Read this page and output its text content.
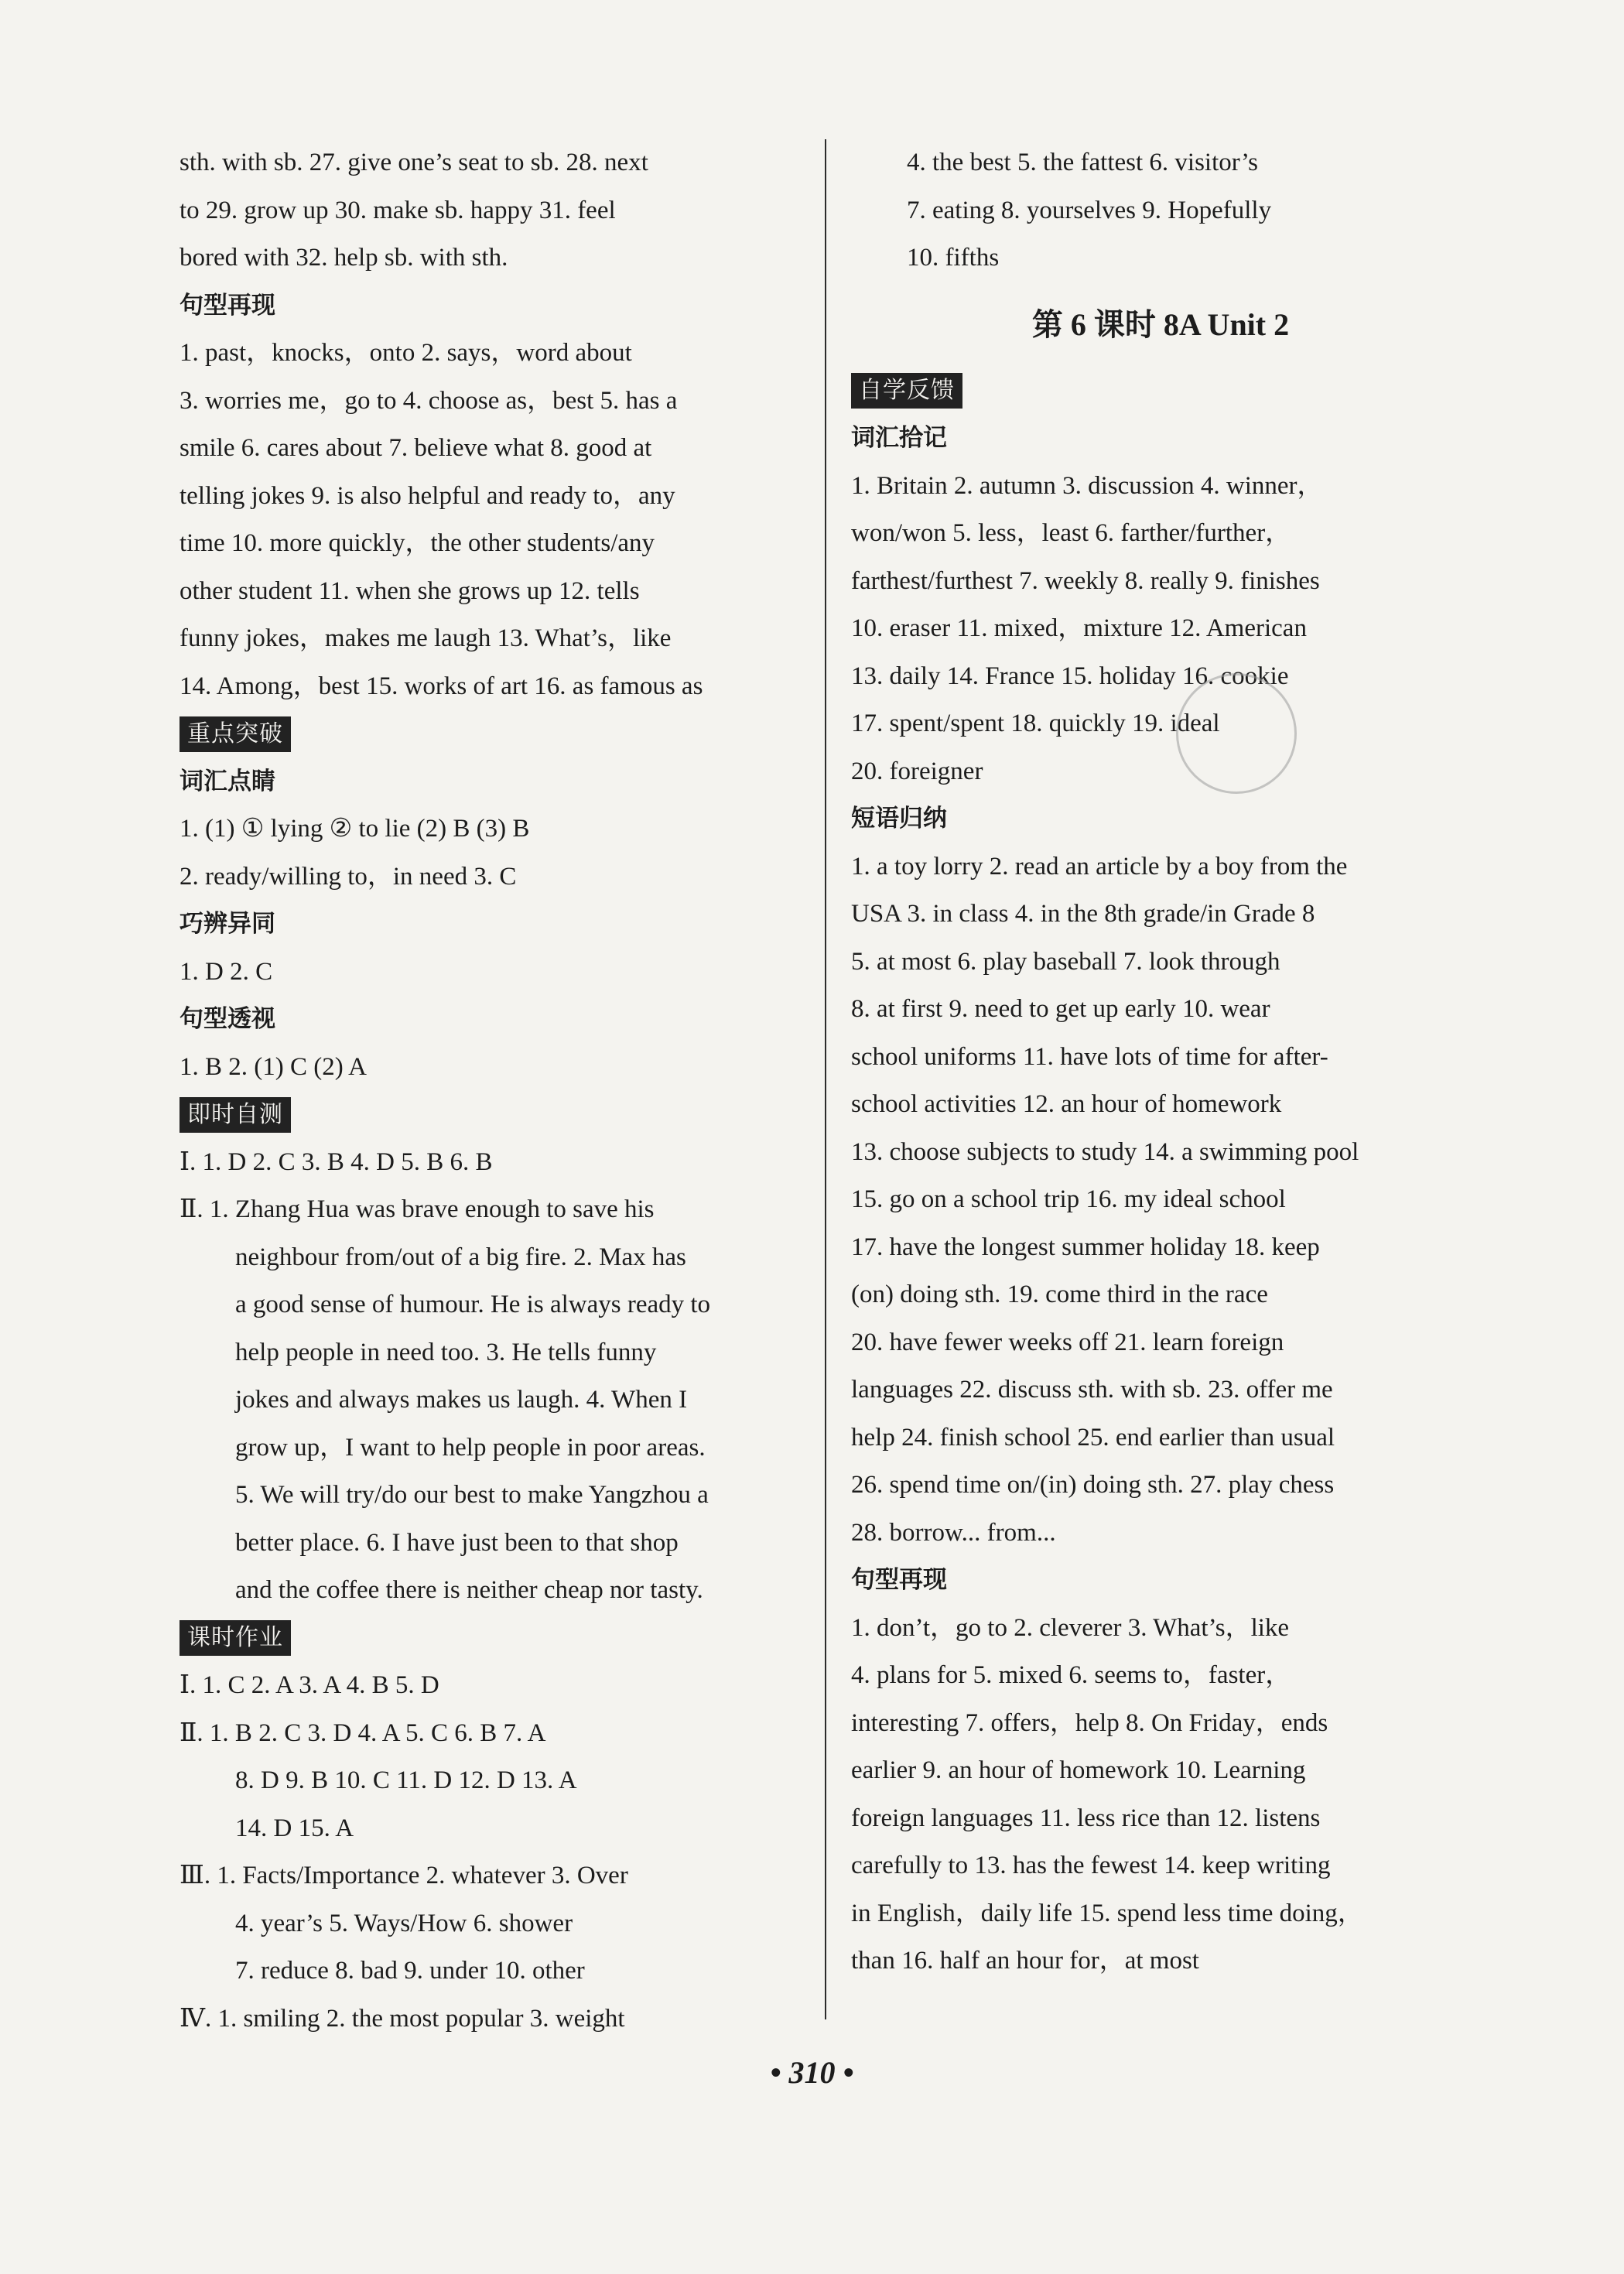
sth. with sb. 27. give one’s seat to sb. 28. next
to 29. grow up 30. make sb. happy 31. feel
bored with 32. help sb. with sth.
句型再现
1. past，knocks，onto 2. says，word about
3. worries me，go to 4. choose as，best 5. has a
smile 6. cares about 7. believe what 8. good at
telling jokes 9. is also helpful and ready to，any
time 10. more quickly，the other students/any
other student 11. when she grows up 12. tells
funny jokes，makes me laugh 13. What’s，like
14. Among，best 15. works of art 16. as famous as
重点突破
词汇点睛
1. (1) ① lying ② to lie (2) B (3) B
2. ready/willing to，in need 3. C
巧辨异同
1. D 2. C
句型透视
1. B 2. (1) C (2) A
即时自测
Ⅰ. 1. D 2. C 3. B 4. D 5. B 6. B
Ⅱ. 1. Zhang Hua was brave enough to save his
neighbour from/out of a big fire. 2. Max has
a good sense of humour. He is always ready to
help people in need too. 3. He tells funny
jokes and always makes us laugh. 4. When I
grow up，I want to help people in poor areas.
5. We will try/do our best to make Yangzhou a
better place. 6. I have just been to that shop
and the coffee there is neither cheap nor tasty.
课时作业
Ⅰ. 1. C 2. A 3. A 4. B 5. D
Ⅱ. 1. B 2. C 3. D 4. A 5. C 6. B 7. A
8. D 9. B 10. C 11. D 12. D 13. A
14. D 15. A
Ⅲ. 1. Facts/Importance 2. whatever 3. Over
4. year’s 5. Ways/How 6. shower
7. reduce 8. bad 9. under 10. other
Ⅳ. 1. smiling 2. the most popular 3. weight
4. the best 5. the fattest 6. visitor’s
7. eating 8. yourselves 9. Hopefully
10. fifths
第 6 课时 8A Unit 2
自学反馈
词汇拾记
1. Britain 2. autumn 3. discussion 4. winner，
won/won 5. less，least 6. farther/further，
farthest/furthest 7. weekly 8. really 9. finishes
10. eraser 11. mixed，mixture 12. American
13. daily 14. France 15. holiday 16. cookie
17. spent/spent 18. quickly 19. ideal
20. foreigner
短语归纳
1. a toy lorry 2. read an article by a boy from the
USA 3. in class 4. in the 8th grade/in Grade 8
5. at most 6. play baseball 7. look through
8. at first 9. need to get up early 10. wear
school uniforms 11. have lots of time for after-
school activities 12. an hour of homework
13. choose subjects to study 14. a swimming pool
15. go on a school trip 16. my ideal school
17. have the longest summer holiday 18. keep
(on) doing sth. 19. come third in the race
20. have fewer weeks off 21. learn foreign
languages 22. discuss sth. with sb. 23. offer me
help 24. finish school 25. end earlier than usual
26. spend time on/(in) doing sth. 27. play chess
28. borrow... from...
句型再现
1. don’t，go to 2. cleverer 3. What’s，like
4. plans for 5. mixed 6. seems to，faster，
interesting 7. offers，help 8. On Friday，ends
earlier 9. an hour of homework 10. Learning
foreign languages 11. less rice than 12. listens
carefully to 13. has the fewest 14. keep writing
in English，daily life 15. spend less time doing，
than 16. half an hour for，at most
• 310 •
